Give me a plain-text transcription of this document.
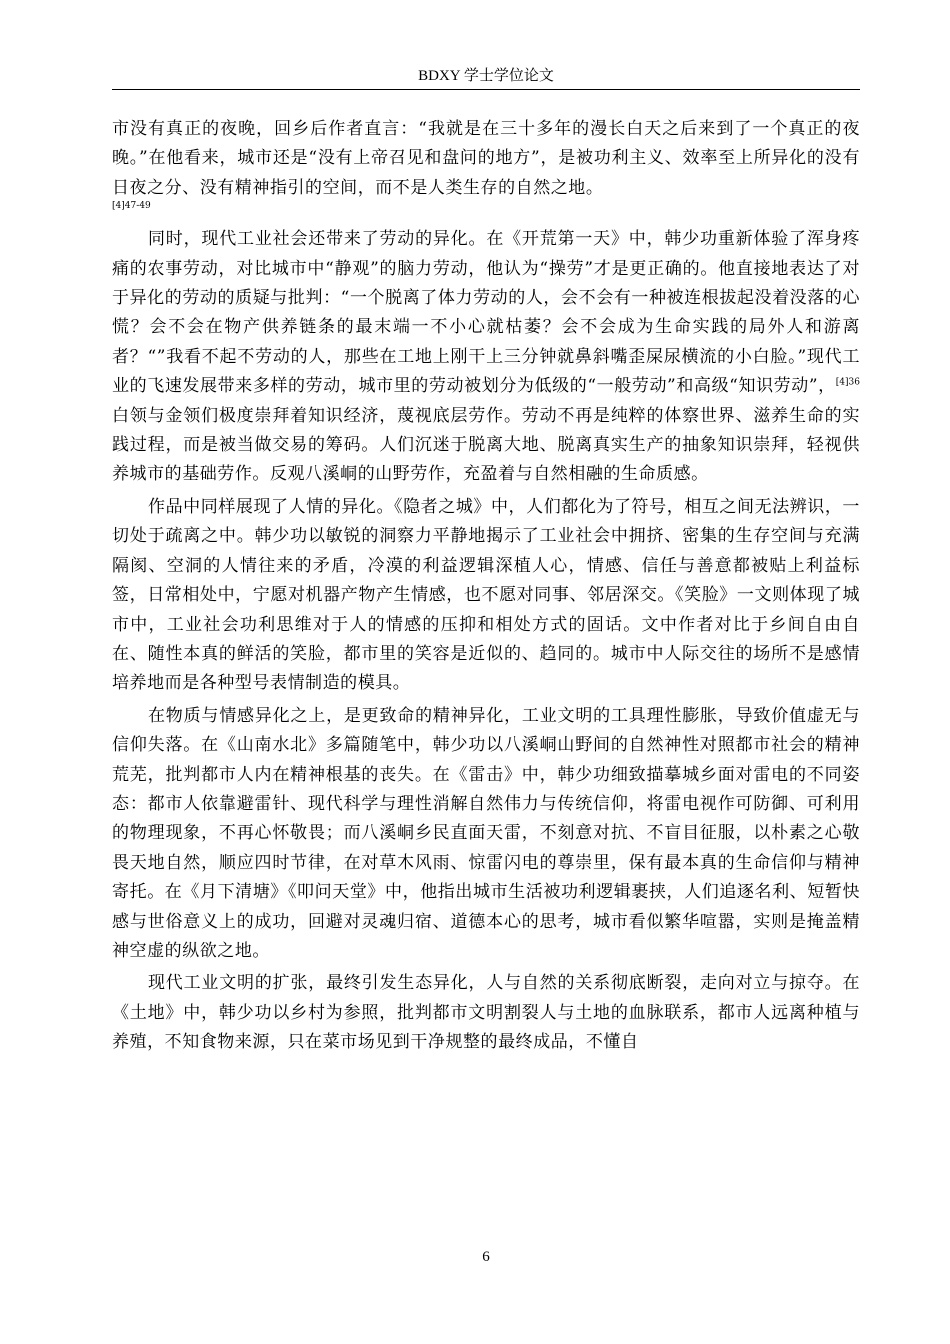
BDXY 学士学位论文

市没有真正的夜晚，回乡后作者直言：“我就是在三十多年的漫长白天之后来到了一个真正的夜晚。”在他看来，城市还是“没有上帝召见和盘问的地方”，是被功利主义、效率至上所异化的没有日夜之分、没有精神指引的空间，而不是人类生存的自然之地。
[4]47-49

同时，现代工业社会还带来了劳动的异化。在《开荒第一天》中，韩少功重新体验了浑身疼痛的农事劳动，对比城市中“静观”的脑力劳动，他认为“操劳”才是更正确的。他直接地表达了对于异化的劳动的质疑与批判：“一个脱离了体力劳动的人，会不会有一种被连根拔起没着没落的心慌？会不会在物产供养链条的最末端一不小心就枯萎？会不会成为生命实践的局外人和游离者？“”我看不起不劳动的人，那些在工地上刚干上三分钟就鼻斜嘴歪屎尿横流的小白脸。”现代工业的飞速发展带来多样的劳动，城市里的劳动被划分为低级的“一般劳动”和高级“知识劳动”，$^{[4]36}$白领与金领们极度崇拜着知识经济，蔑视底层劳作。劳动不再是纯粹的体察世界、滋养生命的实践过程，而是被当做交易的筹码。人们沉迷于脱离大地、脱离真实生产的抽象知识崇拜，轻视供养城市的基础劳作。反观八溪峒的山野劳作，充盈着与自然相融的生命质感。

作品中同样展现了人情的异化。《隐者之城》中，人们都化为了符号，相互之间无法辨识，一切处于疏离之中。韩少功以敏锐的洞察力平静地揭示了工业社会中拥挤、密集的生存空间与充满隔阂、空洞的人情往来的矛盾，冷漠的利益逻辑深植人心，情感、信任与善意都被贴上利益标签，日常相处中，宁愿对机器产物产生情感，也不愿对同事、邻居深交。《笑脸》一文则体现了城市中，工业社会功利思维对于人的情感的压抑和相处方式的固话。文中作者对比于乡间自由自在、随性本真的鲜活的笑脸，都市里的笑容是近似的、趋同的。城市中人际交往的场所不是感情培养地而是各种型号表情制造的模具。

在物质与情感异化之上，是更致命的精神异化，工业文明的工具理性膨胀，导致价值虚无与信仰失落。在《山南水北》多篇随笔中，韩少功以八溪峒山野间的自然神性对照都市社会的精神荒芜，批判都市人内在精神根基的丧失。在《雷击》中，韩少功细致描摹城乡面对雷电的不同姿态：都市人依靠避雷针、现代科学与理性消解自然伟力与传统信仰，将雷电视作可防御、可利用的物理现象，不再心怀敬畏；而八溪峒乡民直面天雷，不刻意对抗、不盲目征服，以朴素之心敬畏天地自然，顺应四时节律，在对草木风雨、惊雷闪电的尊崇里，保有最本真的生命信仰与精神寄托。在《月下清塘》《叩问天堂》中，他指出城市生活被功利逻辑裹挟，人们追逐名利、短暂快感与世俗意义上的成功，回避对灵魂归宿、道德本心的思考，城市看似繁华喧嚣，实则是掩盖精神空虚的纵欲之地。

现代工业文明的扩张，最终引发生态异化，人与自然的关系彻底断裂，走向对立与掠夺。在《土地》中，韩少功以乡村为参照，批判都市文明割裂人与土地的血脉联系，都市人远离种植与养殖，不知食物来源，只在菜市场见到干净规整的最终成品，不懂自

6
